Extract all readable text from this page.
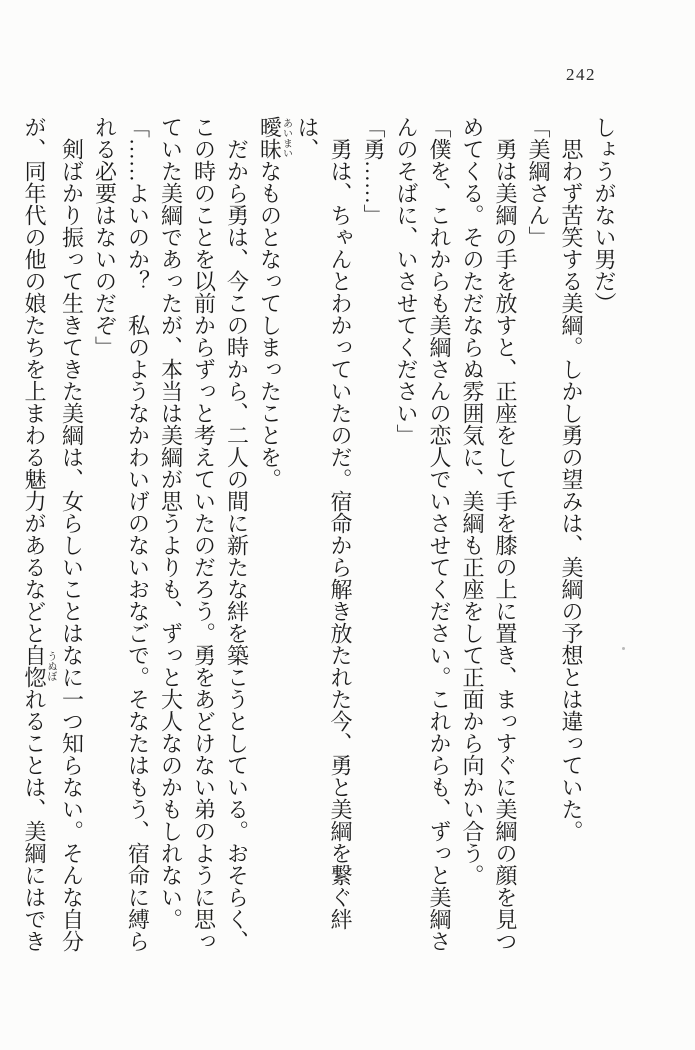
242

しょうがない男だ）

　思わず苦笑する美綱。しかし勇の望みは、美綱の予想とは違っていた。

「美綱さん」

　勇は美綱の手を放すと、正座をして手を膝の上に置き、まっすぐに美綱の顔を見つ

めてくる。そのただならぬ雰囲気に、美綱も正座をして正面から向かい合う。

「僕を、これからも美綱さんの恋人でいさせてください。これからも、ずっと美綱さ

んのそばに、いさせてください」

「勇……」

　勇は、ちゃんとわかっていたのだ。宿命から解き放たれた今、勇と美綱を繋ぐ絆は、

曖昧あいまいなものとなってしまったことを。

　だから勇は、今この時から、二人の間に新たな絆を築こうとしている。おそらく、

この時のことを以前からずっと考えていたのだろう。勇をあどけない弟のように思っ

ていた美綱であったが、本当は美綱が思うよりも、ずっと大人なのかもしれない。

「……よいのか？　私のようなかわいげのないおなごで。そなたはもう、宿命に縛ら

れる必要はないのだぞ」

　剣ばかり振って生きてきた美綱は、女らしいことはなに一つ知らない。そんな自分

が、同年代の他の娘たちを上まわる魅力があるなどと自惚うぬぼれることは、美綱にはでき
